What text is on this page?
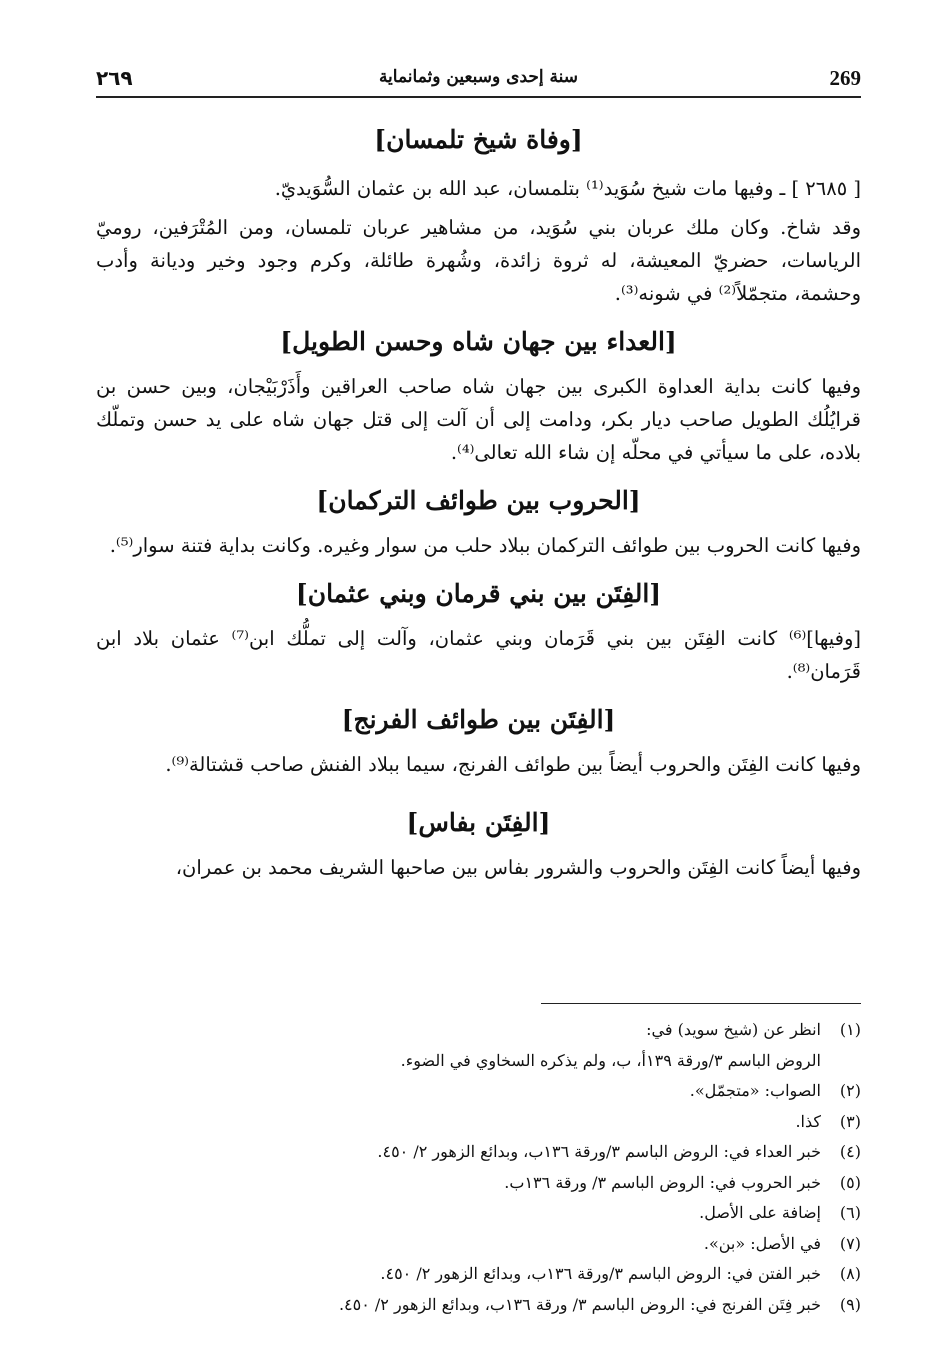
٢٦٩	سنة إحدى وسبعين وثمانماية	269
[وفاة شيخ تلمسان]

[ ٢٦٨٥ ] ـ وفيها مات شيخ سُوَيد⁽¹⁾ بتلمسان، عبد الله بن عثمان السُّوَيديّ.

وقد شاخ. وكان ملك عربان بني سُوَيد، من مشاهير عربان تلمسان، ومن المُتْرَفين، روميّ الرياسات، حضريّ المعيشة، له ثروة زائدة، وشُهرة طائلة، وكرم وجود وخير وديانة وأدب وحشمة، متجمّلاً⁽²⁾ في شونه⁽³⁾.

[العداء بين جهان شاه وحسن الطويل]

وفيها كانت بداية العداوة الكبرى بين جهان شاه صاحب العراقين وأَذَرْبَيْجان، وبين حسن بن قرايُلُك الطويل صاحب ديار بكر، ودامت إلى أن آلت إلى قتل جهان شاه على يد حسن وتملّك بلاده، على ما سيأتي في محلّه إن شاء الله تعالى⁽⁴⁾.

[الحروب بين طوائف التركمان]

وفيها كانت الحروب بين طوائف التركمان ببلاد حلب من سوار وغيره. وكانت بداية فتنة سوار⁽⁵⁾.

[الفِتَن بين بني قرمان وبني عثمان]

[وفيها]⁽⁶⁾ كانت الفِتَن بين بني قَرَمان وبني عثمان، وآلت إلى تملُّك ابن⁽⁷⁾ عثمان بلاد ابن قَرَمان⁽⁸⁾.

[الفِتَن بين طوائف الفرنج]

وفيها كانت الفِتَن والحروب أيضاً بين طوائف الفرنج، سيما ببلاد الفنش صاحب قشتالة⁽⁹⁾.

[الفِتَن بفاس]

وفيها أيضاً كانت الفِتَن والحروب والشرور بفاس بين صاحبها الشريف محمد بن عمران،

(١)انظر عن (شيخ سويد) في:

الروض الباسم ٣/ورقة ١٣٩أ، ب، ولم يذكره السخاوي في الضوء.

(٢)الصواب: «متجمّل».

(٣)كذا.

(٤)خبر العداء في: الروض الباسم ٣/ورقة ١٣٦ب، وبدائع الزهور ٢/ ٤٥٠.

(٥)خبر الحروب في: الروض الباسم ٣/ ورقة ١٣٦ب.

(٦)إضافة على الأصل.

(٧)في الأصل: «بن».

(٨)خبر الفتن في: الروض الباسم ٣/ورقة ١٣٦ب، وبدائع الزهور ٢/ ٤٥٠.

(٩)خبر فِتَن الفرنج في: الروض الباسم ٣/ ورقة ١٣٦ب، وبدائع الزهور ٢/ ٤٥٠.
